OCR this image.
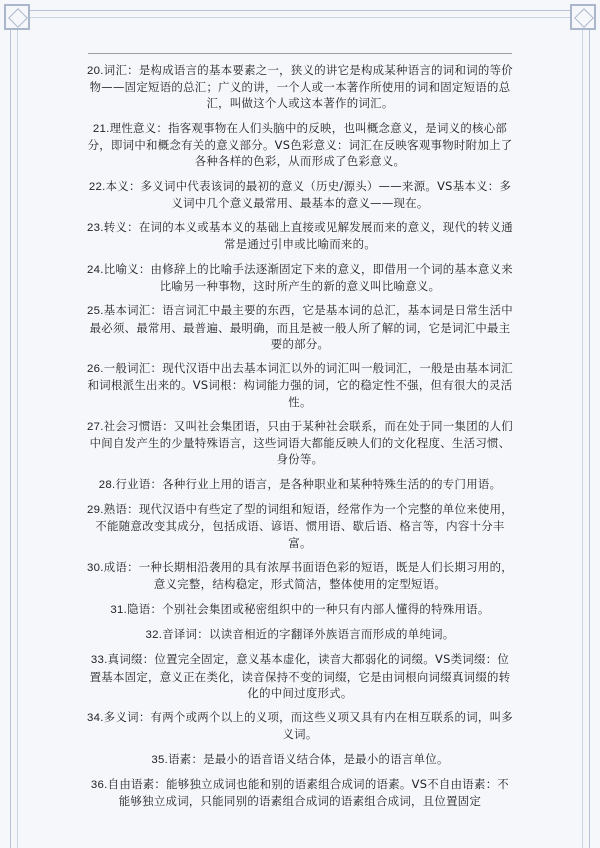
20.词汇：是构成语言的基本要素之一，狭义的讲它是构成某种语言的词和词的等价物——固定短语的总汇；广义的讲，一个人或一本著作所使用的词和固定短语的总汇，叫做这个人或这本著作的词汇。

21.理性意义：指客观事物在人们头脑中的反映，也叫概念意义，是词义的核心部分，即词中和概念有关的意义部分。VS色彩意义：词汇在反映客观事物时附加上了各种各样的色彩，从而形成了色彩意义。

22.本义：多义词中代表该词的最初的意义（历史/源头）——来源。VS基本义：多义词中几个意义最常用、最基本的意义——现在。

23.转义：在词的本义或基本义的基础上直接或见解发展而来的意义，现代的转义通常是通过引申或比喻而来的。

24.比喻义：由修辞上的比喻手法逐渐固定下来的意义，即借用一个词的基本意义来比喻另一种事物，这时所产生的新的意义叫比喻意义。

25.基本词汇：语言词汇中最主要的东西，它是基本词的总汇，基本词是日常生活中最必须、最常用、最普遍、最明确，而且是被一般人所了解的词，它是词汇中最主要的部分。

26.一般词汇：现代汉语中出去基本词汇以外的词汇叫一般词汇，一般是由基本词汇和词根派生出来的。VS词根：构词能力强的词，它的稳定性不强，但有很大的灵活性。

27.社会习惯语：又叫社会集团语，只由于某种社会联系，而在处于同一集团的人们中间自发产生的少量特殊语言，这些词语大都能反映人们的文化程度、生活习惯、身份等。

28.行业语：各种行业上用的语言，是各种职业和某种特殊生活的的专门用语。

29.熟语：现代汉语中有些定了型的词组和短语，经常作为一个完整的单位来使用，不能随意改变其成分，包括成语、谚语、惯用语、歇后语、格言等，内容十分丰富。

30.成语：一种长期相沿袭用的具有浓厚书面语色彩的短语，既是人们长期习用的，意义完整，结构稳定，形式简洁，整体使用的定型短语。

31.隐语：个别社会集团或秘密组织中的一种只有内部人懂得的特殊用语。

32.音译词：以读音相近的字翻译外族语言而形成的单纯词。

33.真词缀：位置完全固定，意义基本虚化，读音大都弱化的词缀。VS类词缀：位置基本固定，意义正在类化，读音保持不变的词缀，它是由词根向词缀真词缀的转化的中间过度形式。

34.多义词：有两个或两个以上的义项，而这些义项又具有内在相互联系的词，叫多义词。

35.语素：是最小的语音语义结合体，是最小的语言单位。

36.自由语素：能够独立成词也能和别的语素组合成词的语素。VS不自由语素：不能够独立成词，只能同别的语素组合成词的语素组合成词，且位置固定
